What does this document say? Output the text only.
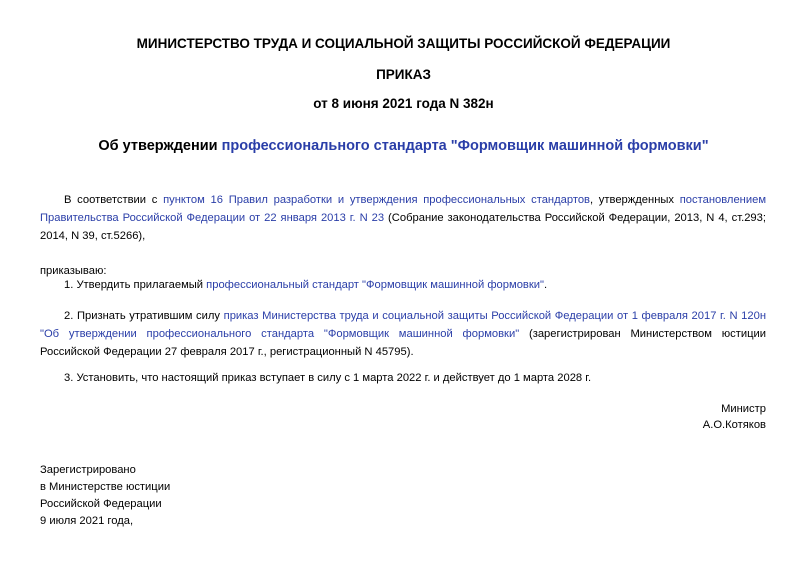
МИНИСТЕРСТВО ТРУДА И СОЦИАЛЬНОЙ ЗАЩИТЫ РОССИЙСКОЙ ФЕДЕРАЦИИ
ПРИКАЗ
от 8 июня 2021 года N 382н
Об утверждении профессионального стандарта "Формовщик машинной формовки"
В соответствии с пунктом 16 Правил разработки и утверждения профессиональных стандартов, утвержденных постановлением Правительства Российской Федерации от 22 января 2013 г. N 23 (Собрание законодательства Российской Федерации, 2013, N 4, ст.293; 2014, N 39, ст.5266),
приказываю:
1. Утвердить прилагаемый профессиональный стандарт "Формовщик машинной формовки".
2. Признать утратившим силу приказ Министерства труда и социальной защиты Российской Федерации от 1 февраля 2017 г. N 120н "Об утверждении профессионального стандарта "Формовщик машинной формовки" (зарегистрирован Министерством юстиции Российской Федерации 27 февраля 2017 г., регистрационный N 45795).
3. Установить, что настоящий приказ вступает в силу с 1 марта 2022 г. и действует до 1 марта 2028 г.
Министр
А.О.Котяков
Зарегистрировано
в Министерстве юстиции
Российской Федерации
9 июля 2021 года,
